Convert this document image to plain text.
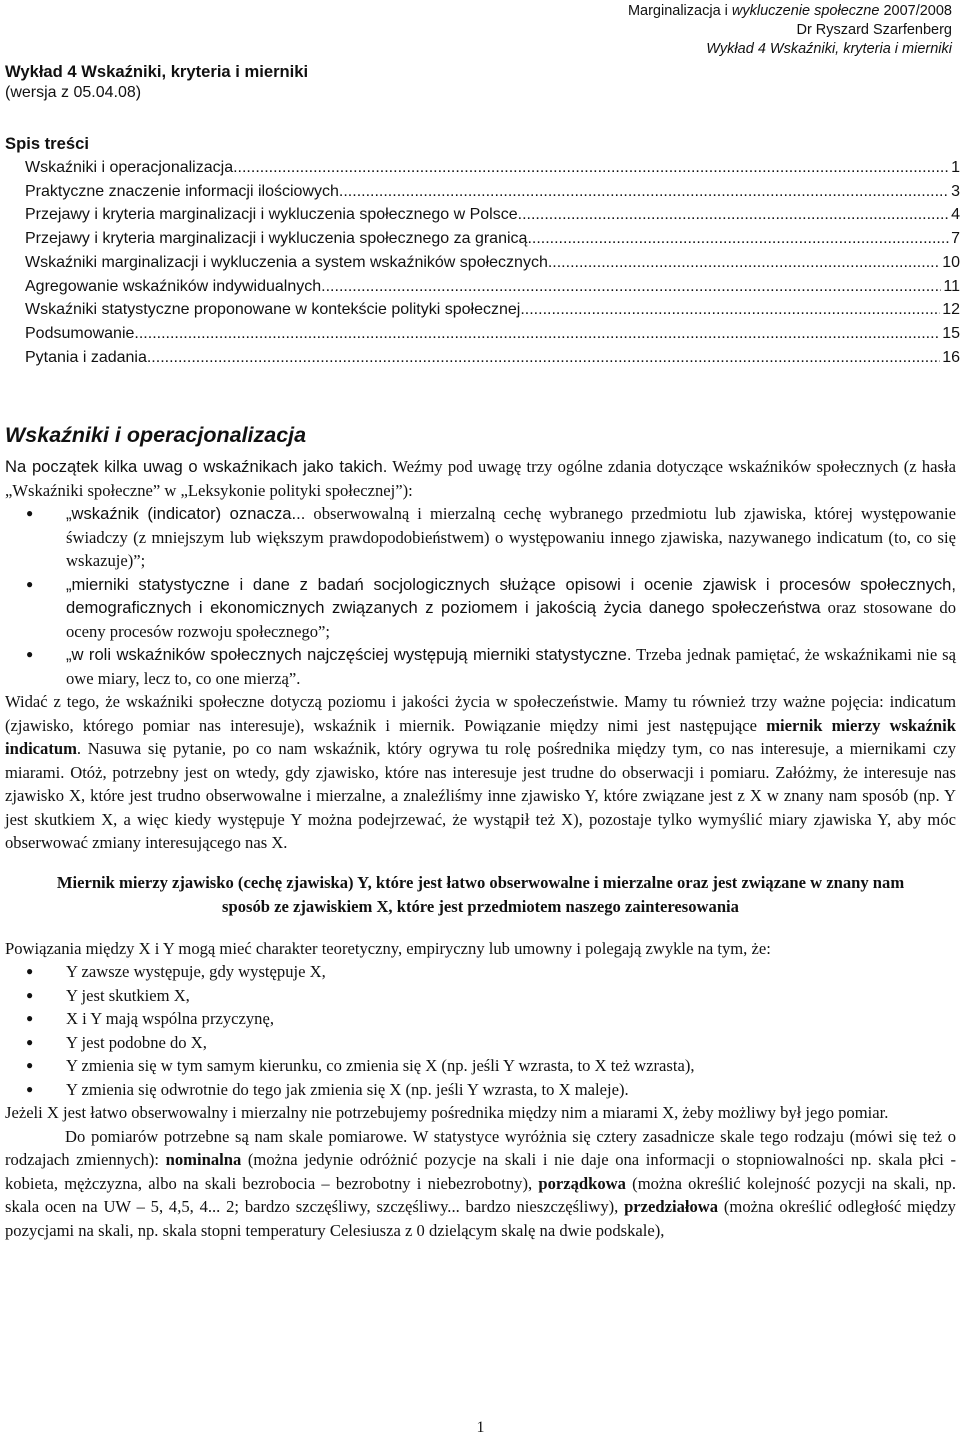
Marginalizacja i wykluczenie społeczne 2007/2008
Dr Ryszard Szarfenberg
Wykład 4 Wskaźniki, kryteria i mierniki
Wykład 4 Wskaźniki, kryteria i mierniki
(wersja z 05.04.08)
Spis treści
Wskaźniki i operacjonalizacja .....	1
Praktyczne znaczenie informacji ilościowych .....	3
Przejawy i kryteria marginalizacji i wykluczenia społecznego w Polsce .....	4
Przejawy i kryteria marginalizacji i wykluczenia społecznego za granicą .....	7
Wskaźniki marginalizacji i wykluczenia a system wskaźników społecznych .....	10
Agregowanie wskaźników indywidualnych .....	11
Wskaźniki statystyczne proponowane w kontekście polityki społecznej .....	12
Podsumowanie .....	15
Pytania i zadania .....	16
Wskaźniki i operacjonalizacja

Na początek kilka uwag o wskaźnikach jako takich. Weźmy pod uwagę trzy ogólne zdania dotyczące wskaźników społecznych (z hasła „Wskaźniki społeczne” w „Leksykonie polityki społecznej”):

● „wskaźnik (indicator) oznacza... obserwowalną i mierzalną cechę wybranego przedmiotu lub zjawiska, której występowanie świadczy (z mniejszym lub większym prawdopodobieństwem) o występowaniu innego zjawiska, nazywanego indicatum (to, co się wskazuje)”;
● „mierniki statystyczne i dane z badań socjologicznych służące opisowi i ocenie zjawisk i procesów społecznych, demograficznych i ekonomicznych związanych z poziomem i jakością życia danego społeczeństwa oraz stosowane do oceny procesów rozwoju społecznego”;
● „w roli wskaźników społecznych najczęściej występują mierniki statystyczne. Trzeba jednak pamiętać, że wskaźnikami nie są owe miary, lecz to, co one mierzą”.

Widać z tego, że wskaźniki społeczne dotyczą poziomu i jakości życia w społeczeństwie. Mamy tu również trzy ważne pojęcia: indicatum (zjawisko, którego pomiar nas interesuje), wskaźnik i miernik. Powiązanie między nimi jest następujące miernik mierzy wskaźnik indicatum. Nasuwa się pytanie, po co nam wskaźnik, który ogrywa tu rolę pośrednika między tym, co nas interesuje, a miernikami czy miarami. Otóż, potrzebny jest on wtedy, gdy zjawisko, które nas interesuje jest trudne do obserwacji i pomiaru. Załóżmy, że interesuje nas zjawisko X, które jest trudno obserwowalne i mierzalne, a znaleźliśmy inne zjawisko Y, które związane jest z X w znany nam sposób (np. Y jest skutkiem X, a więc kiedy występuje Y można podejrzewać, że wystąpił też X), pozostaje tylko wymyślić miary zjawiska Y, aby móc obserwować zmiany interesującego nas X.

Miernik mierzy zjawisko (cechę zjawiska) Y, które jest łatwo obserwowalne i mierzalne oraz jest związane w znany nam sposób ze zjawiskiem X, które jest przedmiotem naszego zainteresowania

Powiązania między X i Y mogą mieć charakter teoretyczny, empiryczny lub umowny i polegają zwykle na tym, że:

● Y zawsze występuje, gdy występuje X,
● Y jest skutkiem X,
● X i Y mają wspólna przyczynę,
● Y jest podobne do X,
● Y zmienia się w tym samym kierunku, co zmienia się X (np. jeśli Y wzrasta, to X też wzrasta),
● Y zmienia się odwrotnie do tego jak zmienia się X (np. jeśli Y wzrasta, to X maleje).

Jeżeli X jest łatwo obserwowalny i mierzalny nie potrzebujemy pośrednika między nim a miarami X, żeby możliwy był jego pomiar.

Do pomiarów potrzebne są nam skale pomiarowe. W statystyce wyróżnia się cztery zasadnicze skale tego rodzaju (mówi się też o rodzajach zmiennych): nominalna (można jedynie odróżnić pozycje na skali i nie daje ona informacji o stopniowalności np. skala płci - kobieta, mężczyzna, albo na skali bezrobocia – bezrobotny i niebezrobotny), porządkowa (można określić kolejność pozycji na skali, np. skala ocen na UW – 5, 4,5, 4... 2; bardzo szczęśliwy, szczęśliwy... bardzo nieszczęśliwy), przedziałowa (można określić odległość między pozycjami na skali, np. skala stopni temperatury Celesiusza z 0 dzielącym skalę na dwie podskale),

1
